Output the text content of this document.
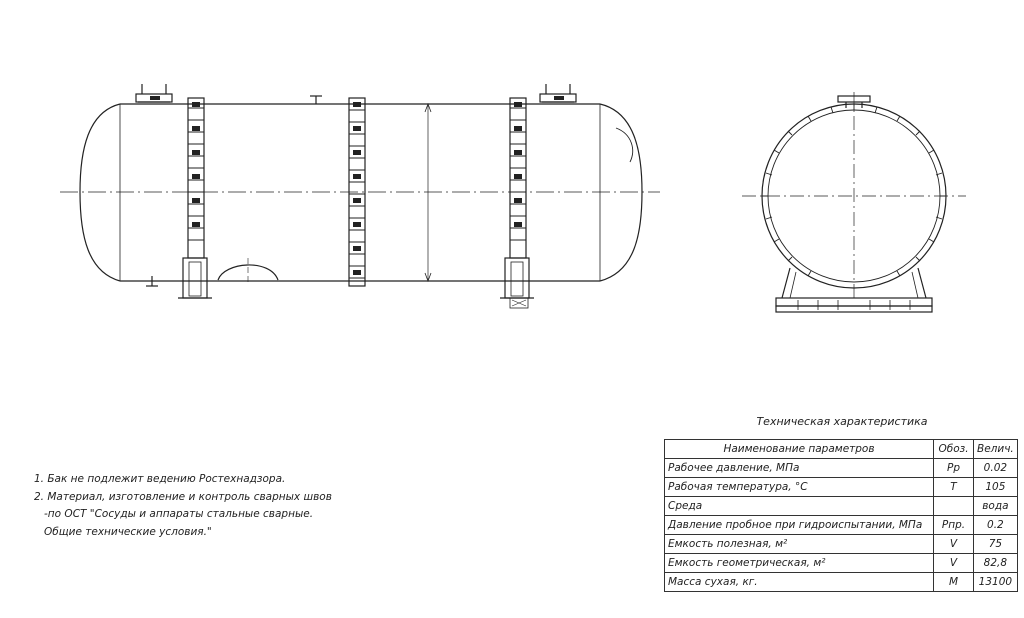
1. Бак не подлежит ведению Ростехнадзора.
2. Материал, изготовление и контроль сварных швов
-по ОСТ "Сосуды и аппараты стальные сварные.
Общие технические условия."
Техническая характеристика
Наименование параметров	Обоз.	Велич.
Рабочее давление, МПа	Pр	0.02
Рабочая температура, °С	T	105
Среда		вода
Давление пробное при гидроиспытании, МПа	Pпр.	0.2
Емкость полезная, м²	V	75
Емкость геометрическая, м²	V	82,8
Масса сухая, кг.	M	13100
